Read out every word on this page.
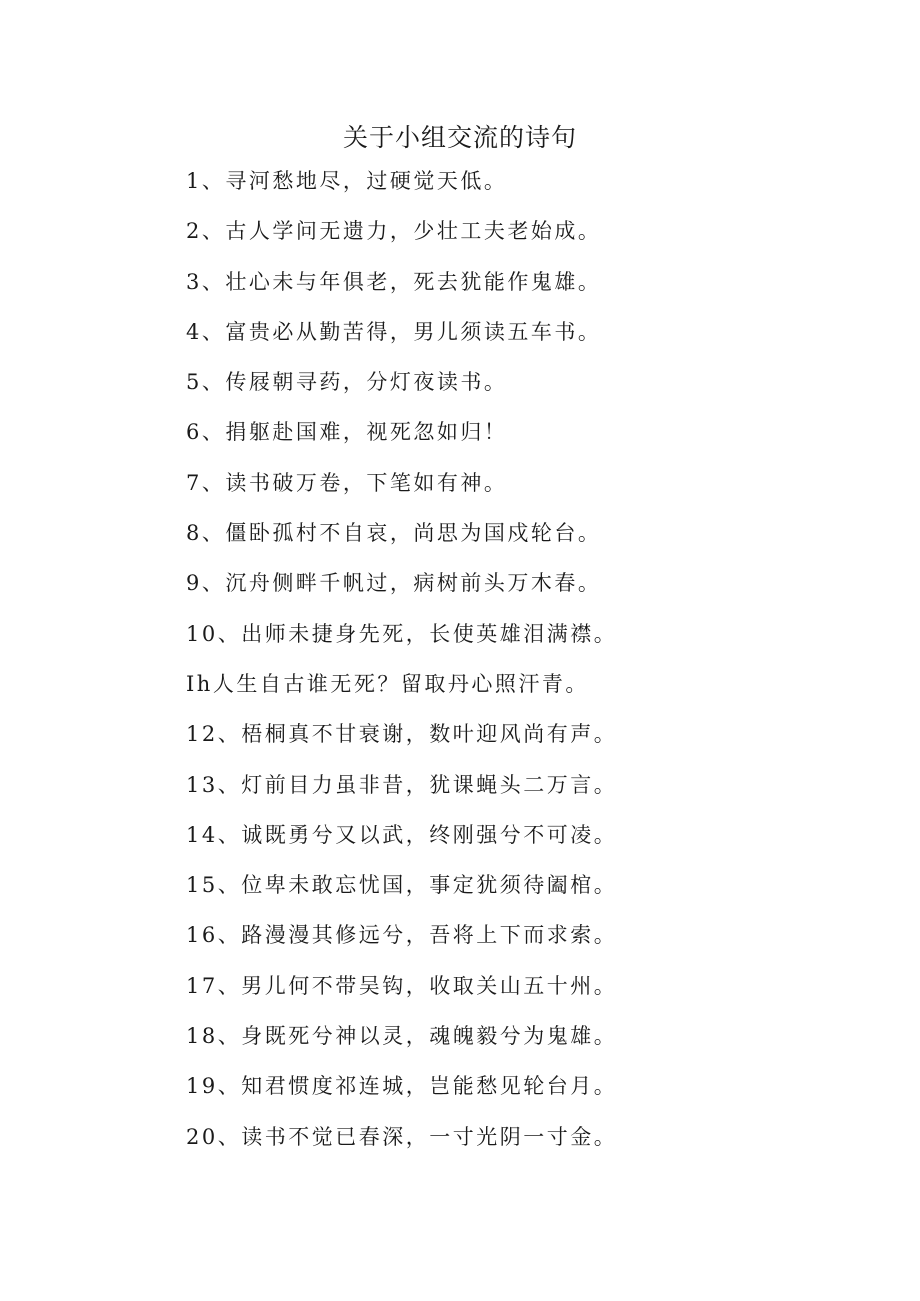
关于小组交流的诗句
1、寻河愁地尽，过硬觉天低。
2、古人学问无遗力，少壮工夫老始成。
3、壮心未与年俱老，死去犹能作鬼雄。
4、富贵必从勤苦得，男儿须读五车书。
5、传屐朝寻药，分灯夜读书。
6、捐躯赴国难，视死忽如归！
7、读书破万卷，下笔如有神。
8、僵卧孤村不自哀，尚思为国戍轮台。
9、沉舟侧畔千帆过，病树前头万木春。
10、出师未捷身先死，长使英雄泪满襟。
Ih人生自古谁无死？留取丹心照汗青。
12、梧桐真不甘衰谢，数叶迎风尚有声。
13、灯前目力虽非昔，犹课蝇头二万言。
14、诚既勇兮又以武，终刚强兮不可凌。
15、位卑未敢忘忧国，事定犹须待阖棺。
16、路漫漫其修远兮，吾将上下而求索。
17、男儿何不带吴钩，收取关山五十州。
18、身既死兮神以灵，魂魄毅兮为鬼雄。
19、知君惯度祁连城，岂能愁见轮台月。
20、读书不觉已春深，一寸光阴一寸金。
